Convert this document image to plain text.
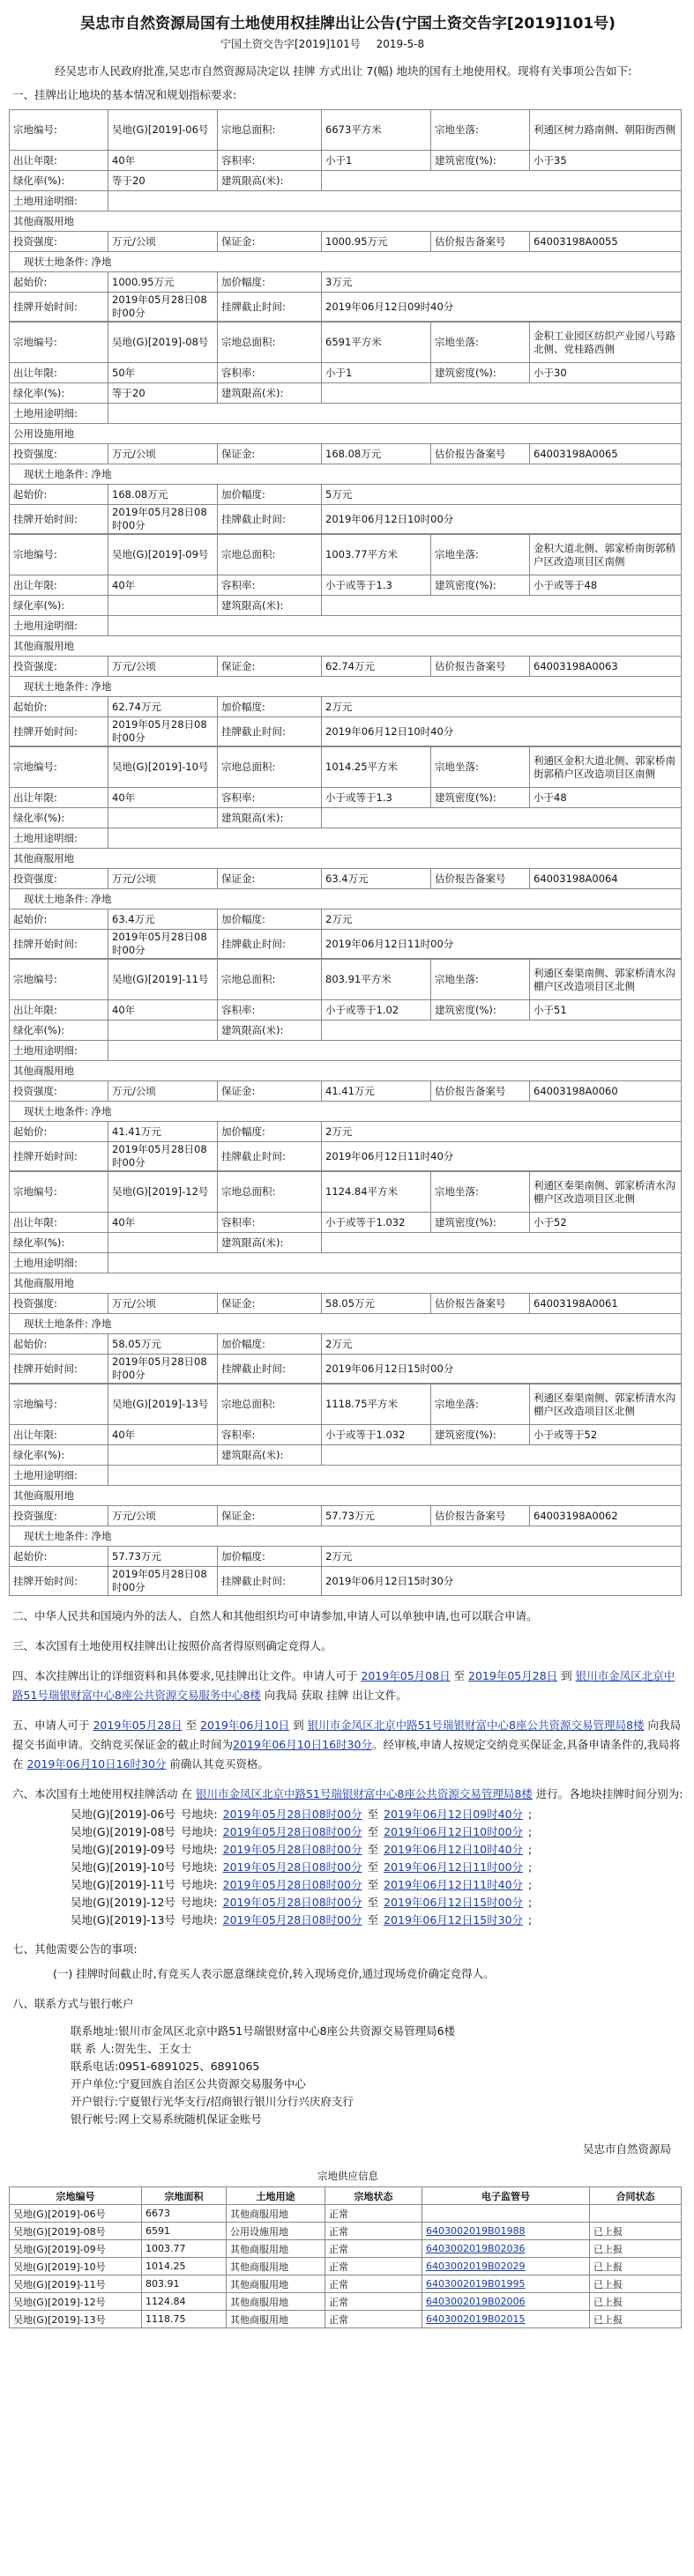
吴忠市自然资源局国有土地使用权挂牌出让公告(宁国土资交告字[2019]101号)
宁国土资交告字[2019]101号 2019-5-8
经吴忠市人民政府批准,吴忠市自然资源局决定以 挂牌 方式出让 7(幅) 地块的国有土地使用权。现将有关事项公告如下:
一、挂牌出让地块的基本情况和规划指标要求:
宗地编号:	吴地(G)[2019]-06号	宗地总面积:	6673平方米	宗地坐落:	利通区树力路南侧、朝阳街西侧
出让年限:	40年	容积率:	小于1	建筑密度(%):	小于35
绿化率(%):	等于20	建筑限高(米):			
土地用途明细:					
其他商服用地					
投资强度:	万元/公顷	保证金:	1000.95万元	估价报告备案号	64003198A0055
现状土地条件: 净地					
起始价:	1000.95万元	加价幅度:	3万元		
挂牌开始时间:	2019年05月28日08时00分	挂牌截止时间:	2019年06月12日09时40分		
宗地编号:	吴地(G)[2019]-08号	宗地总面积:	6591平方米	宗地坐落:	金积工业园区纺织产业园八号路北侧、党桂路西侧
出让年限:	50年	容积率:	小于1	建筑密度(%):	小于30
绿化率(%):	等于20	建筑限高(米):			
土地用途明细:					
公用设施用地					
投资强度:	万元/公顷	保证金:	168.08万元	估价报告备案号	64003198A0065
现状土地条件: 净地					
起始价:	168.08万元	加价幅度:	5万元		
挂牌开始时间:	2019年05月28日08时00分	挂牌截止时间:	2019年06月12日10时00分		
宗地编号:	吴地(G)[2019]-09号	宗地总面积:	1003.77平方米	宗地坐落:	金积大道北侧、郭家桥南街郭稍户区改造项目区南侧
出让年限:	40年	容积率:	小于或等于1.3	建筑密度(%):	小于或等于48
绿化率(%):		建筑限高(米):			
土地用途明细:					
其他商服用地					
投资强度:	万元/公顷	保证金:	62.74万元	估价报告备案号	64003198A0063
现状土地条件: 净地					
起始价:	62.74万元	加价幅度:	2万元		
挂牌开始时间:	2019年05月28日08时00分	挂牌截止时间:	2019年06月12日10时40分		
宗地编号:	吴地(G)[2019]-10号	宗地总面积:	1014.25平方米	宗地坐落:	利通区金积大道北侧、郭家桥南街郭稍户区改造项目区南侧
出让年限:	40年	容积率:	小于或等于1.3	建筑密度(%):	小于48
绿化率(%):		建筑限高(米):			
土地用途明细:					
其他商服用地					
投资强度:	万元/公顷	保证金:	63.4万元	估价报告备案号	64003198A0064
现状土地条件: 净地					
起始价:	63.4万元	加价幅度:	2万元		
挂牌开始时间:	2019年05月28日08时00分	挂牌截止时间:	2019年06月12日11时00分		
宗地编号:	吴地(G)[2019]-11号	宗地总面积:	803.91平方米	宗地坐落:	利通区秦渠南侧、郭家桥清水沟棚户区改造项目区北侧
出让年限:	40年	容积率:	小于或等于1.02	建筑密度(%):	小于51
绿化率(%):		建筑限高(米):			
土地用途明细:					
其他商服用地					
投资强度:	万元/公顷	保证金:	41.41万元	估价报告备案号	64003198A0060
现状土地条件: 净地					
起始价:	41.41万元	加价幅度:	2万元		
挂牌开始时间:	2019年05月28日08时00分	挂牌截止时间:	2019年06月12日11时40分		
宗地编号:	吴地(G)[2019]-12号	宗地总面积:	1124.84平方米	宗地坐落:	利通区秦渠南侧、郭家桥清水沟棚户区改造项目区北侧
出让年限:	40年	容积率:	小于或等于1.032	建筑密度(%):	小于52
绿化率(%):		建筑限高(米):			
土地用途明细:					
其他商服用地					
投资强度:	万元/公顷	保证金:	58.05万元	估价报告备案号	64003198A0061
现状土地条件: 净地					
起始价:	58.05万元	加价幅度:	2万元		
挂牌开始时间:	2019年05月28日08时00分	挂牌截止时间:	2019年06月12日15时00分		
宗地编号:	吴地(G)[2019]-13号	宗地总面积:	1118.75平方米	宗地坐落:	利通区秦渠南侧、郭家桥清水沟棚户区改造项目区北侧
出让年限:	40年	容积率:	小于或等于1.032	建筑密度(%):	小于或等于52
绿化率(%):		建筑限高(米):			
土地用途明细:					
其他商服用地					
投资强度:	万元/公顷	保证金:	57.73万元	估价报告备案号	64003198A0062
现状土地条件: 净地					
起始价:	57.73万元	加价幅度:	2万元		
挂牌开始时间:	2019年05月28日08时00分	挂牌截止时间:	2019年06月12日15时30分		
二、中华人民共和国境内外的法人、自然人和其他组织均可申请参加,申请人可以单独申请,也可以联合申请。
三、本次国有土地使用权挂牌出让按照价高者得原则确定竞得人。
四、本次挂牌出让的详细资料和具体要求,见挂牌出让文件。申请人可于 2019年05月08日 至 2019年05月28日 到 银川市金凤区北京中路51号瑞银财富中心8座公共资源交易服务中心8楼 向我局 获取 挂牌 出让文件。
五、申请人可于 2019年05月28日 至 2019年06月10日 到 银川市金凤区北京中路51号瑞银财富中心8座公共资源交易管理局8楼 向我局提交书面申请。交纳竞买保证金的截止时间为2019年06月10日16时30分。经审核,申请人按规定交纳竞买保证金,具备申请条件的,我局将在 2019年06月10日16时30分 前确认其竞买资格。
六、本次国有土地使用权挂牌活动 在 银川市金凤区北京中路51号瑞银财富中心8座公共资源交易管理局8楼 进行。各地块挂牌时间分别为:
吴地(G)[2019]-06号 号地块: 2019年05月28日08时00分 至 2019年06月12日09时40分 ;
吴地(G)[2019]-08号 号地块: 2019年05月28日08时00分 至 2019年06月12日10时00分 ;
吴地(G)[2019]-09号 号地块: 2019年05月28日08时00分 至 2019年06月12日10时40分 ;
吴地(G)[2019]-10号 号地块: 2019年05月28日08时00分 至 2019年06月12日11时00分 ;
吴地(G)[2019]-11号 号地块: 2019年05月28日08时00分 至 2019年06月12日11时40分 ;
吴地(G)[2019]-12号 号地块: 2019年05月28日08时00分 至 2019年06月12日15时00分 ;
吴地(G)[2019]-13号 号地块: 2019年05月28日08时00分 至 2019年06月12日15时30分 ;
七、其他需要公告的事项:
(一) 挂牌时间截止时,有竞买人表示愿意继续竞价,转入现场竞价,通过现场竞价确定竞得人。
八、联系方式与银行帐户
联系地址:银川市金凤区北京中路51号瑞银财富中心8座公共资源交易管理局6楼
联 系 人:贺先生、王女士
联系电话:0951-6891025、6891065
开户单位:宁夏回族自治区公共资源交易服务中心
开户银行:宁夏银行光华支行/招商银行银川分行兴庆府支行
银行帐号:网上交易系统随机保证金账号
吴忠市自然资源局
宗地供应信息
宗地编号	宗地面积	土地用途	宗地状态	电子监管号	合同状态
吴地(G)[2019]-06号	6673	其他商服用地	正常		
吴地(G)[2019]-08号	6591	公用设施用地	正常	6403002019B01988	已上报
吴地(G)[2019]-09号	1003.77	其他商服用地	正常	6403002019B02036	已上报
吴地(G)[2019]-10号	1014.25	其他商服用地	正常	6403002019B02029	已上报
吴地(G)[2019]-11号	803.91	其他商服用地	正常	6403002019B01995	已上报
吴地(G)[2019]-12号	1124.84	其他商服用地	正常	6403002019B02006	已上报
吴地(G)[2019]-13号	1118.75	其他商服用地	正常	6403002019B02015	已上报
